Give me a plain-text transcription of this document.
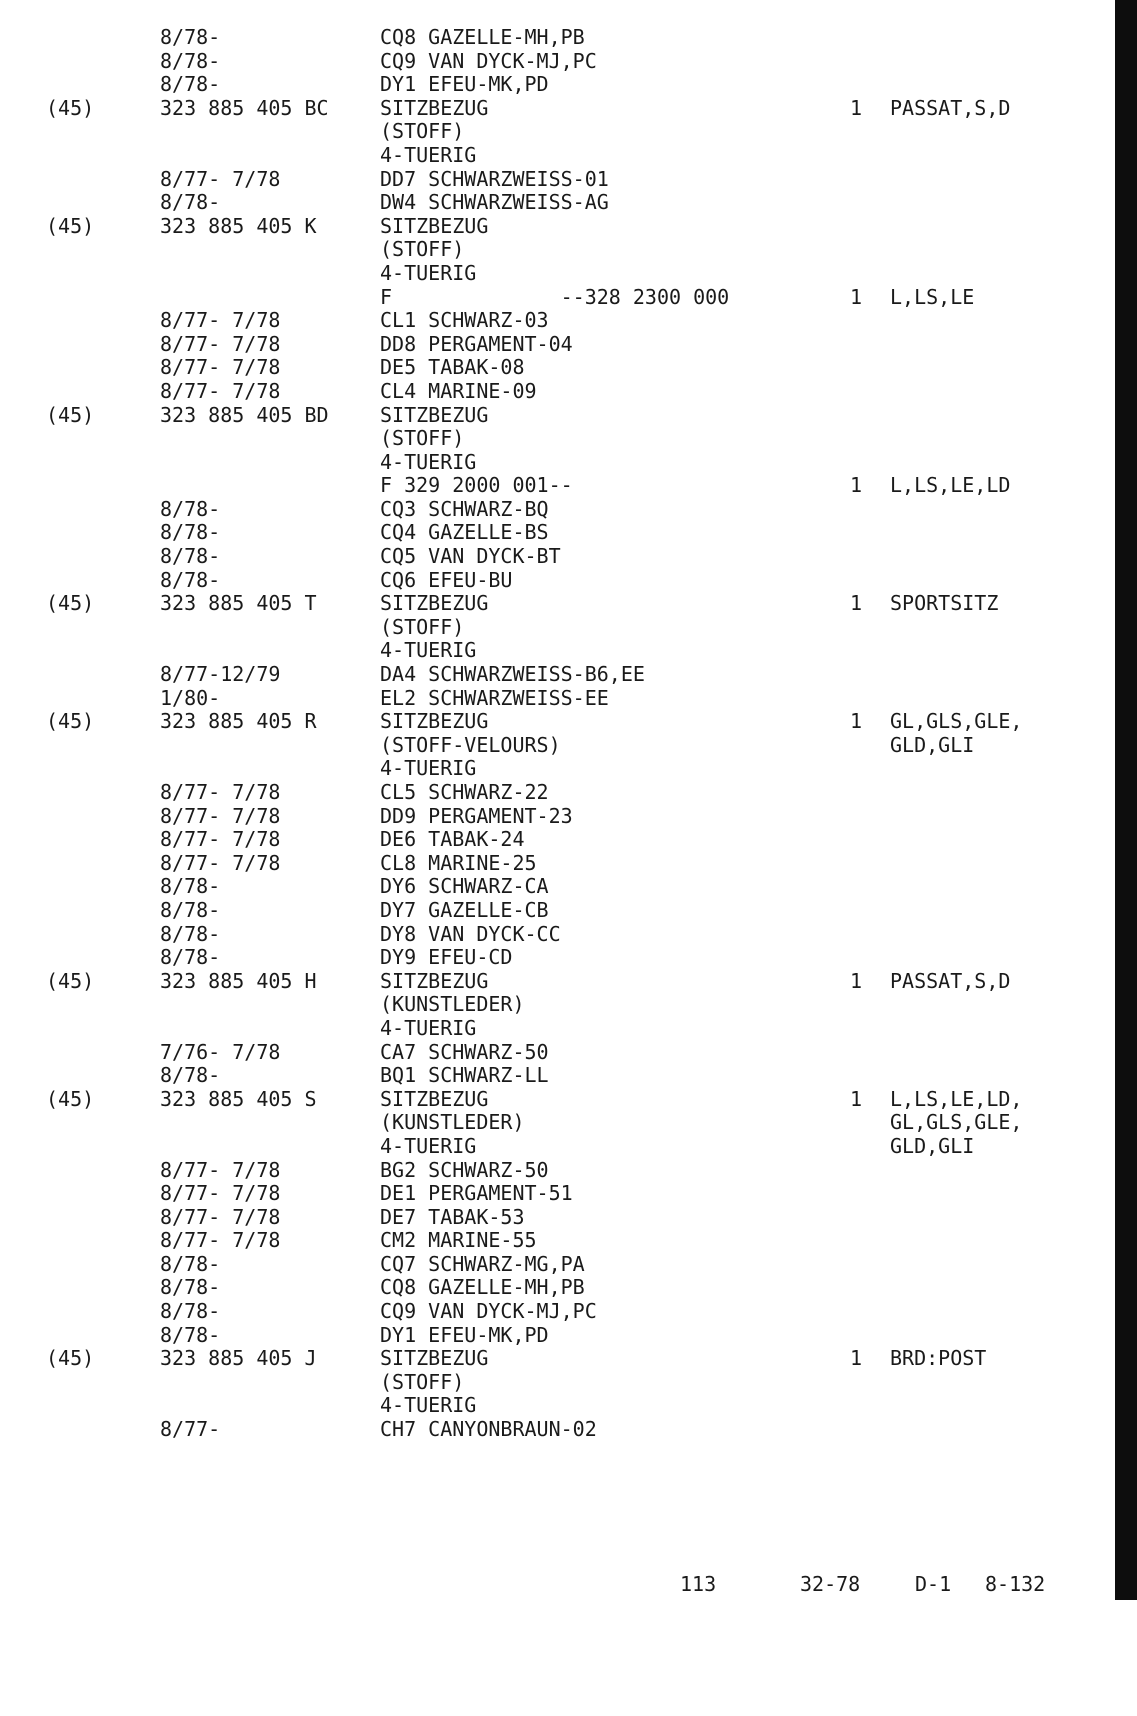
8/78-	CQ8 GAZELLE-MH,PB
8/78-	CQ9 VAN DYCK-MJ,PC
8/78-	DY1 EFEU-MK,PD
(45)	323 885 405 BC	SITZBEZUG	1 PASSAT,S,D
(STOFF)
4-TUERIG
8/77- 7/78	DD7 SCHWARZWEISS-01
8/78-	DW4 SCHWARZWEISS-AG
(45)	323 885 405 K	SITZBEZUG
(STOFF)
4-TUERIG
F              --328 2300 000	1 L,LS,LE
8/77- 7/78	CL1 SCHWARZ-03
8/77- 7/78	DD8 PERGAMENT-04
8/77- 7/78	DE5 TABAK-08
8/77- 7/78	CL4 MARINE-09
(45)	323 885 405 BD	SITZBEZUG
(STOFF)
4-TUERIG
F 329 2000 001--	1 L,LS,LE,LD
8/78-	CQ3 SCHWARZ-BQ
8/78-	CQ4 GAZELLE-BS
8/78-	CQ5 VAN DYCK-BT
8/78-	CQ6 EFEU-BU
(45)	323 885 405 T	SITZBEZUG	1 SPORTSITZ
(STOFF)
4-TUERIG
8/77-12/79	DA4 SCHWARZWEISS-B6,EE
1/80-	EL2 SCHWARZWEISS-EE
(45)	323 885 405 R	SITZBEZUG	1 GL,GLS,GLE,
(STOFF-VELOURS)	GLD,GLI
4-TUERIG
8/77- 7/78	CL5 SCHWARZ-22
8/77- 7/78	DD9 PERGAMENT-23
8/77- 7/78	DE6 TABAK-24
8/77- 7/78	CL8 MARINE-25
8/78-	DY6 SCHWARZ-CA
8/78-	DY7 GAZELLE-CB
8/78-	DY8 VAN DYCK-CC
8/78-	DY9 EFEU-CD
(45)	323 885 405 H	SITZBEZUG	1 PASSAT,S,D
(KUNSTLEDER)
4-TUERIG
7/76- 7/78	CA7 SCHWARZ-50
8/78-	BQ1 SCHWARZ-LL
(45)	323 885 405 S	SITZBEZUG	1 L,LS,LE,LD,
(KUNSTLEDER)	GL,GLS,GLE,
4-TUERIG	GLD,GLI
8/77- 7/78	BG2 SCHWARZ-50
8/77- 7/78	DE1 PERGAMENT-51
8/77- 7/78	DE7 TABAK-53
8/77- 7/78	CM2 MARINE-55
8/78-	CQ7 SCHWARZ-MG,PA
8/78-	CQ8 GAZELLE-MH,PB
8/78-	CQ9 VAN DYCK-MJ,PC
8/78-	DY1 EFEU-MK,PD
(45)	323 885 405 J	SITZBEZUG	1 BRD:POST
(STOFF)
4-TUERIG
8/77-	CH7 CANYONBRAUN-02

113

	32-78

	D-1

8-132
